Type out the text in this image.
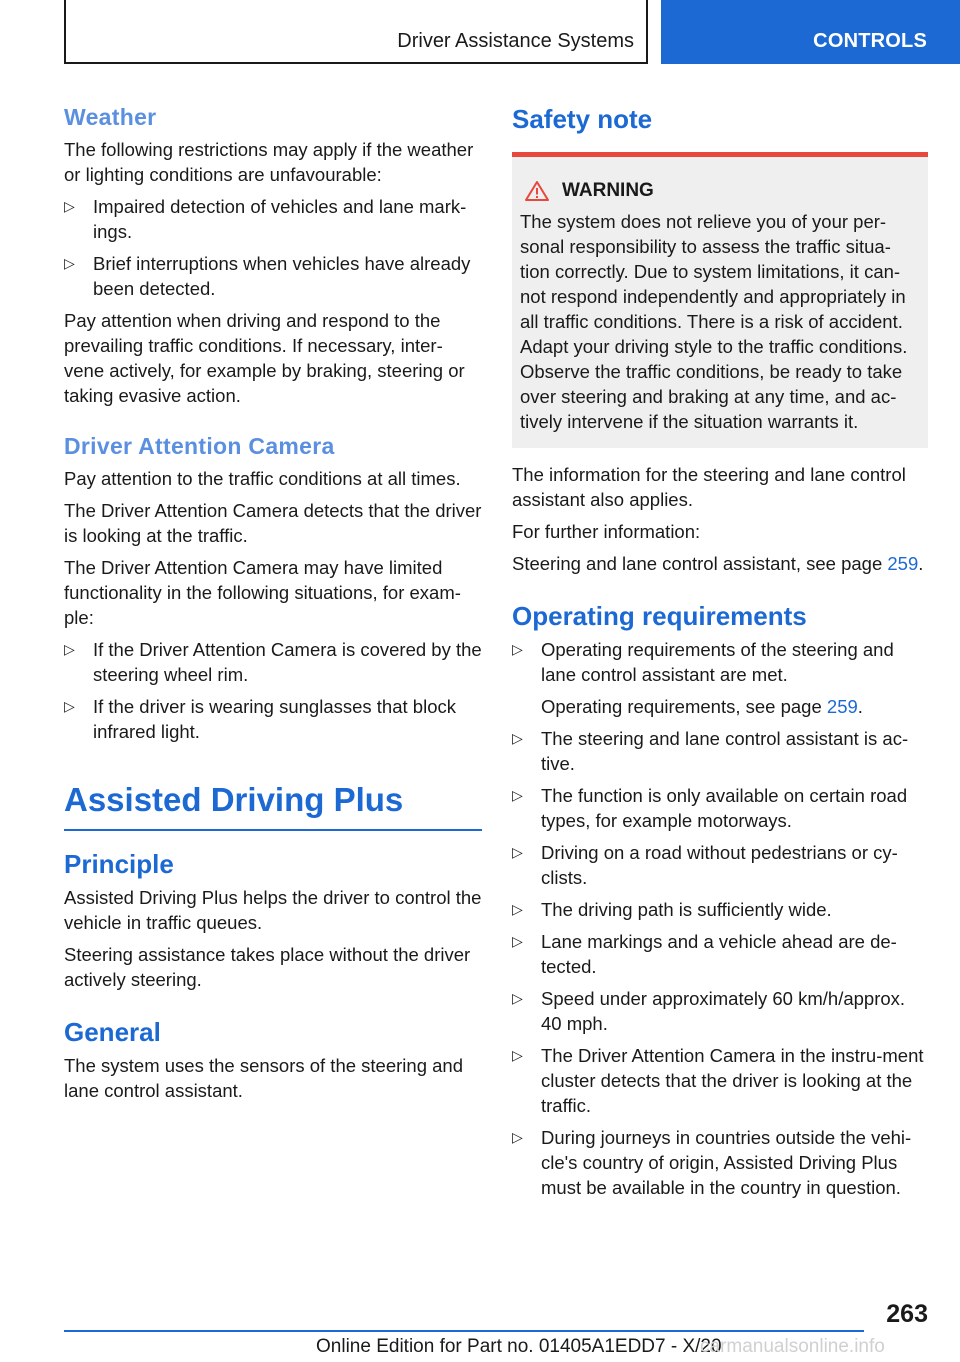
Driver Assistance Systems	CONTROLS
Weather

The following restrictions may apply if the weather or lighting conditions are unfavourable:

▷ Impaired detection of vehicles and lane mark-ings.
▷ Brief interruptions when vehicles have already been detected.

Pay attention when driving and respond to the prevailing traffic conditions. If necessary, inter-vene actively, for example by braking, steering or taking evasive action.

Driver Attention Camera

Pay attention to the traffic conditions at all times.

The Driver Attention Camera detects that the driver is looking at the traffic.

The Driver Attention Camera may have limited functionality in the following situations, for exam-ple:

▷ If the Driver Attention Camera is covered by the steering wheel rim.
▷ If the driver is wearing sunglasses that block infrared light.
Assisted Driving Plus
Principle

Assisted Driving Plus helps the driver to control the vehicle in traffic queues.

Steering assistance takes place without the driver actively steering.

General

The system uses the sensors of the steering and lane control assistant.

Safety note
WARNING
The system does not relieve you of your per-sonal responsibility to assess the traffic situa-tion correctly. Due to system limitations, it can-not respond independently and appropriately in all traffic conditions. There is a risk of accident. Adapt your driving style to the traffic conditions. Observe the traffic conditions, be ready to take over steering and braking at any time, and ac-tively intervene if the situation warrants it.

The information for the steering and lane control assistant also applies.

For further information:

Steering and lane control assistant, see page 259.

Operating requirements
▷ Operating requirements of the steering and lane control assistant are met.
Operating requirements, see page 259.
▷ The steering and lane control assistant is ac-tive.
▷ The function is only available on certain road types, for example motorways.
▷ Driving on a road without pedestrians or cy-clists.
▷ The driving path is sufficiently wide.
▷ Lane markings and a vehicle ahead are de-tected.
▷ Speed under approximately 60 km/h/approx. 40 mph.
▷ The Driver Attention Camera in the instru-ment cluster detects that the driver is looking at the traffic.
▷ During journeys in countries outside the vehi-cle's country of origin, Assisted Driving Plus must be available in the country in question.
263
Online Edition for Part no. 01405A1EDD7 - X/20
carmanualsonline.info
